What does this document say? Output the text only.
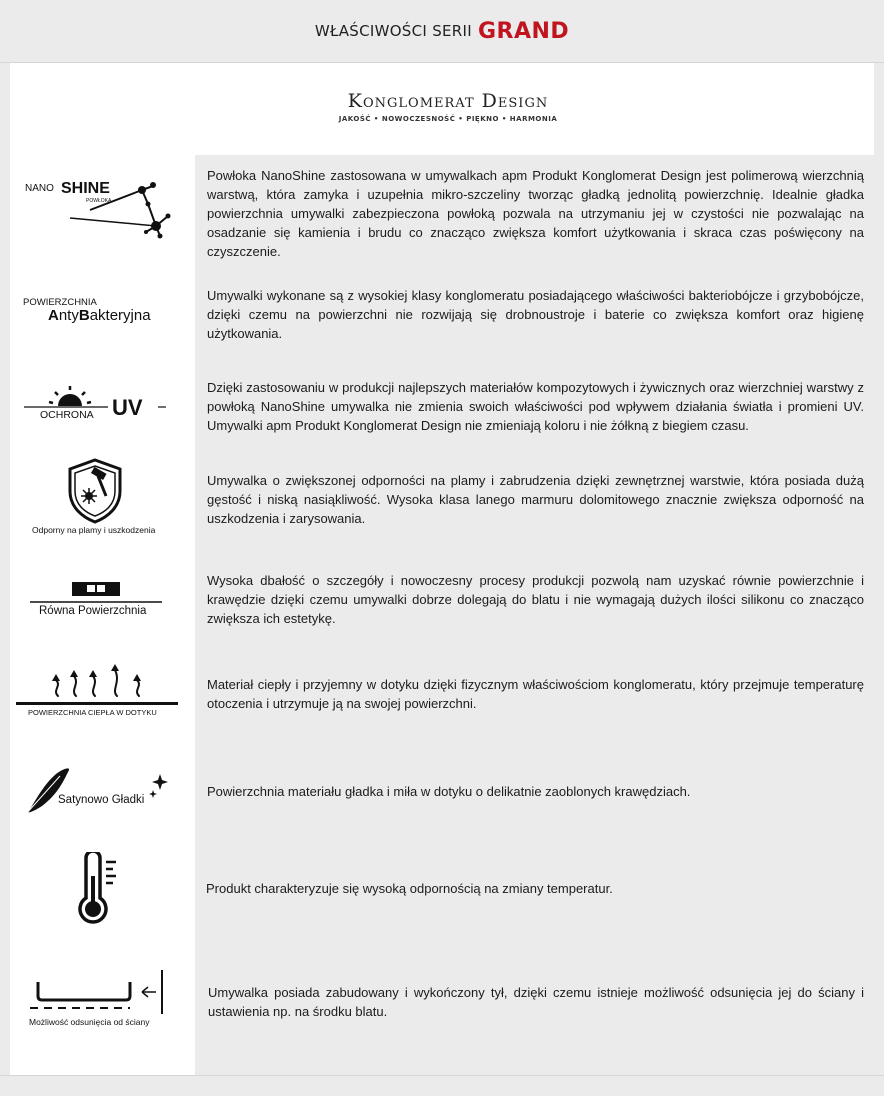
WŁAŚCIWOŚCI SERII GRAND
Konglomerat Design
JAKOŚĆ • NOWOCZESNOŚĆ • PIĘKNO • HARMONIA
NANO SHINE
POWŁOKA
Powłoka NanoShine zastosowana w umywalkach apm Produkt Konglomerat Design jest polimerową wierzchnią warstwą, która zamyka i uzupełnia mikro-szczeliny tworząc gładką jednolitą powierzchnię. Idealnie gładka powierzchnia umywalki zabezpieczona powłoką pozwala na utrzymaniu jej w czystości nie pozwalając na osadzanie się kamienia i brudu co znacząco zwiększa komfort użytkowania i skraca czas poświęcony na czyszczenie.
POWIERZCHNIA
AntyBakteryjna
Umywalki wykonane są z wysokiej klasy konglomeratu posiadającego właściwości bakteriobójcze i grzybobójcze, dzięki czemu na powierzchni nie rozwijają się drobnoustroje i baterie co zwiększa komfort oraz higienę użytkowania.
OCHRONA UV
Dzięki zastosowaniu w produkcji najlepszych materiałów kompozytowych i żywicznych oraz wierzchniej warstwy z powłoką NanoShine umywalka nie zmienia swoich właściwości pod wpływem działania światła i promieni UV. Umywalki apm Produkt Konglomerat Design nie zmieniają koloru i nie żółkną z biegiem czasu.
Odporny na plamy i uszkodzenia
Umywalka o zwiększonej odporności na plamy i zabrudzenia dzięki zewnętrznej warstwie, która posiada dużą gęstość i niską nasiąkliwość. Wysoka klasa lanego marmuru dolomitowego znacznie zwiększa odporność na uszkodzenia i zarysowania.
Równa Powierzchnia
Wysoka dbałość o szczegóły i nowoczesny procesy produkcji pozwolą nam uzyskać równie powierzchnie i krawędzie dzięki czemu umywalki dobrze dolegają do blatu i nie wymagają dużych ilości silikonu co znacząco zwiększa ich estetykę.
POWIERZCHNIA CIEPŁA W DOTYKU
Materiał ciepły i przyjemny w dotyku dzięki fizycznym właściwościom konglomeratu, który przejmuje temperaturę otoczenia i utrzymuje ją na swojej powierzchni.
Satynowo Gładki
Powierzchnia materiału gładka i miła w dotyku o delikatnie zaoblonych krawędziach.
Produkt charakteryzuje się wysoką odpornością na zmiany temperatur.
Możliwość odsunięcia od ściany
Umywalka posiada zabudowany i wykończony tył, dzięki czemu istnieje możliwość odsunięcia jej do ściany i ustawienia np. na środku blatu.
